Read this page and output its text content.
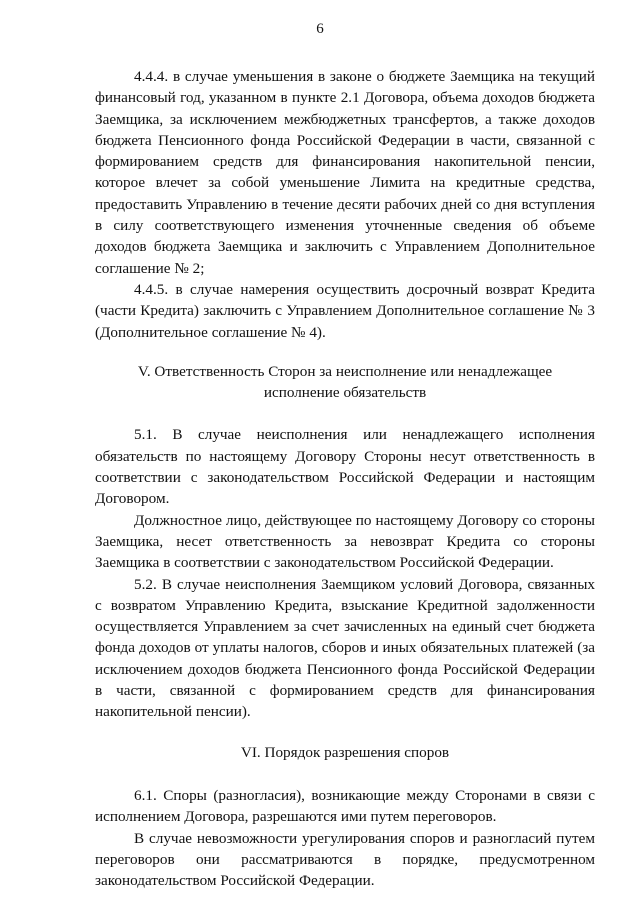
6

4.4.4. в случае уменьшения в законе о бюджете Заемщика на текущий финансовый год, указанном в пункте 2.1 Договора, объема доходов бюджета Заемщика, за исключением межбюджетных трансфертов, а также доходов бюджета Пенсионного фонда Российской Федерации в части, связанной с формированием средств для финансирования накопительной пенсии, которое влечет за собой уменьшение Лимита на кредитные средства, предоставить Управлению в течение десяти рабочих дней со дня вступления в силу соответствующего изменения уточненные сведения об объеме доходов бюджета Заемщика и заключить с Управлением Дополнительное соглашение № 2;

4.4.5. в случае намерения осуществить досрочный возврат Кредита (части Кредита) заключить с Управлением Дополнительное соглашение № 3 (Дополнительное соглашение № 4).

V. Ответственность Сторон за неисполнение или ненадлежащее

исполнение обязательств

5.1. В случае неисполнения или ненадлежащего исполнения обязательств по настоящему Договору Стороны несут ответственность в соответствии с законодательством Российской Федерации и настоящим Договором.

Должностное лицо, действующее по настоящему Договору со стороны Заемщика, несет ответственность за невозврат Кредита со стороны Заемщика в соответствии с законодательством Российской Федерации.

5.2. В случае неисполнения Заемщиком условий Договора, связанных с возвратом Управлению Кредита, взыскание Кредитной задолженности осуществляется Управлением за счет зачисленных на единый счет бюджета фонда доходов от уплаты налогов, сборов и иных обязательных платежей (за исключением доходов бюджета Пенсионного фонда Российской Федерации в части, связанной с формированием средств для финансирования накопительной пенсии).

VI. Порядок разрешения споров

6.1. Споры (разногласия), возникающие между Сторонами в связи с исполнением Договора, разрешаются ими путем переговоров.

В случае невозможности урегулирования споров и разногласий путем переговоров они рассматриваются в порядке, предусмотренном законодательством Российской Федерации.
